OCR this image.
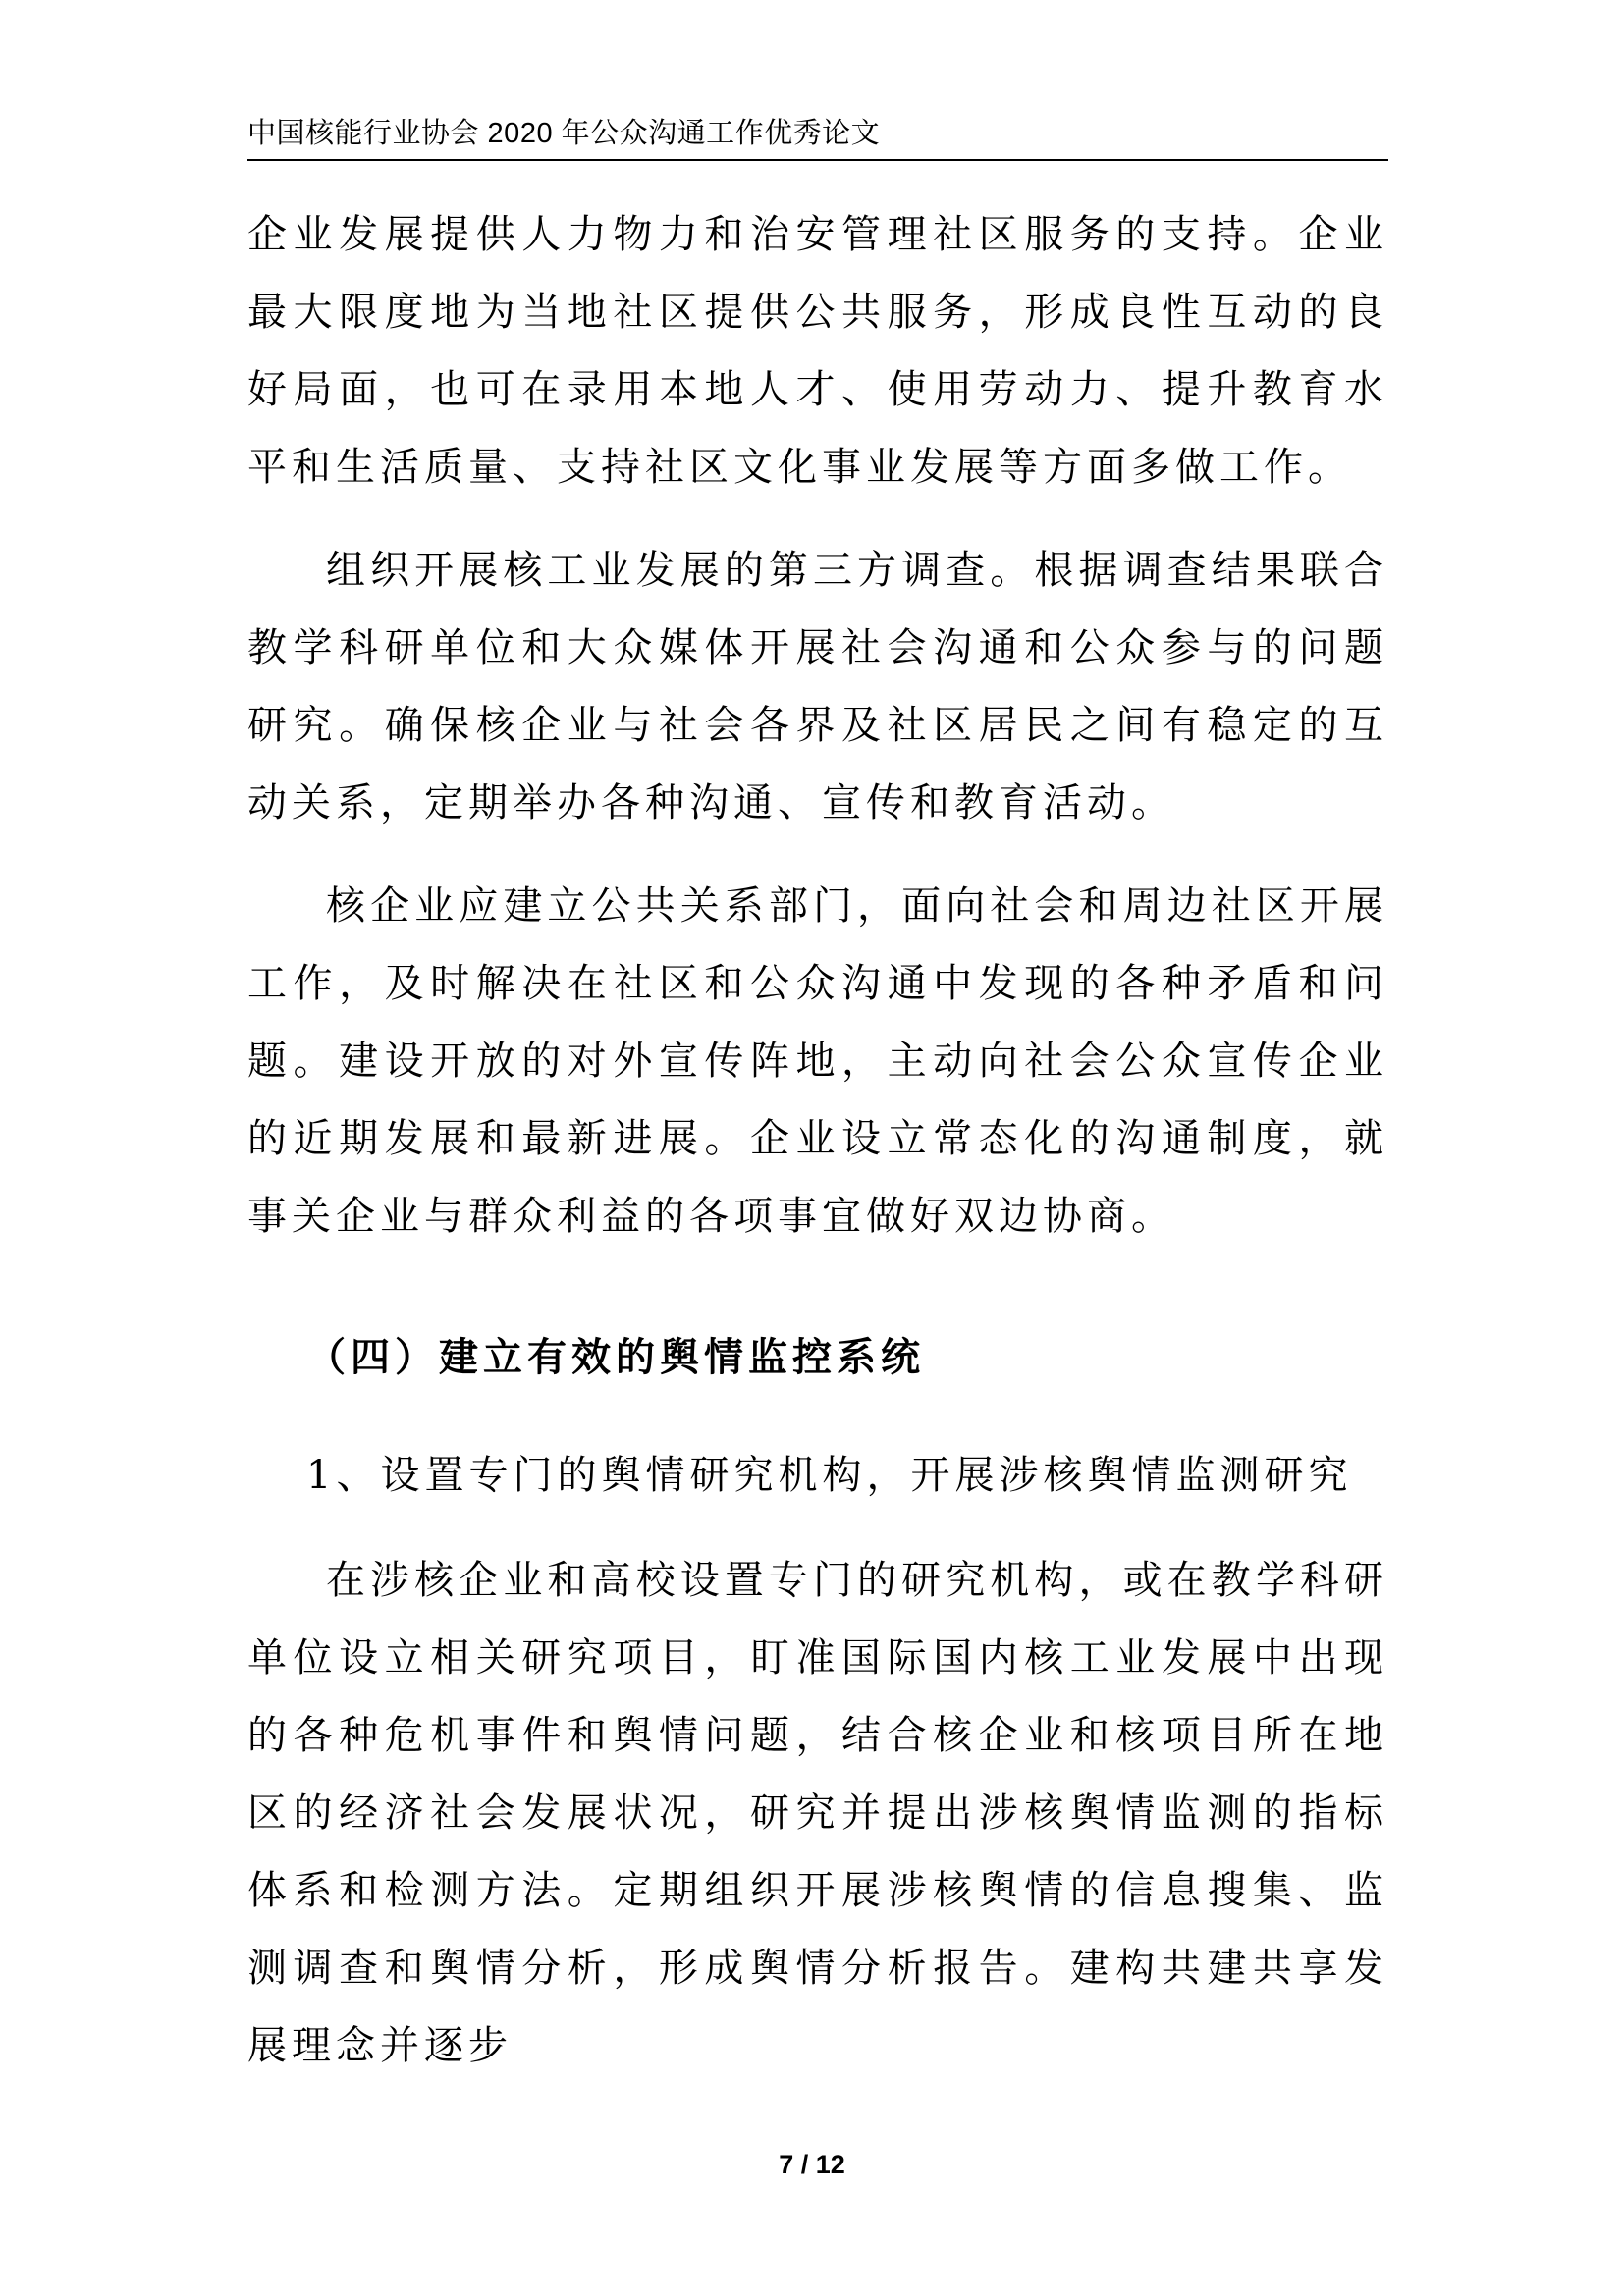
中国核能行业协会 2020 年公众沟通工作优秀论文

企业发展提供人力物力和治安管理社区服务的支持。企业最大限度地为当地社区提供公共服务，形成良性互动的良好局面，也可在录用本地人才、使用劳动力、提升教育水平和生活质量、支持社区文化事业发展等方面多做工作。

组织开展核工业发展的第三方调查。根据调查结果联合教学科研单位和大众媒体开展社会沟通和公众参与的问题研究。确保核企业与社会各界及社区居民之间有稳定的互动关系，定期举办各种沟通、宣传和教育活动。

核企业应建立公共关系部门，面向社会和周边社区开展工作，及时解决在社区和公众沟通中发现的各种矛盾和问题。建设开放的对外宣传阵地，主动向社会公众宣传企业的近期发展和最新进展。企业设立常态化的沟通制度，就事关企业与群众利益的各项事宜做好双边协商。

（四）建立有效的舆情监控系统

1、设置专门的舆情研究机构，开展涉核舆情监测研究

在涉核企业和高校设置专门的研究机构，或在教学科研单位设立相关研究项目，盯准国际国内核工业发展中出现的各种危机事件和舆情问题，结合核企业和核项目所在地区的经济社会发展状况，研究并提出涉核舆情监测的指标体系和检测方法。定期组织开展涉核舆情的信息搜集、监测调查和舆情分析，形成舆情分析报告。建构共建共享发展理念并逐步

7 / 12
